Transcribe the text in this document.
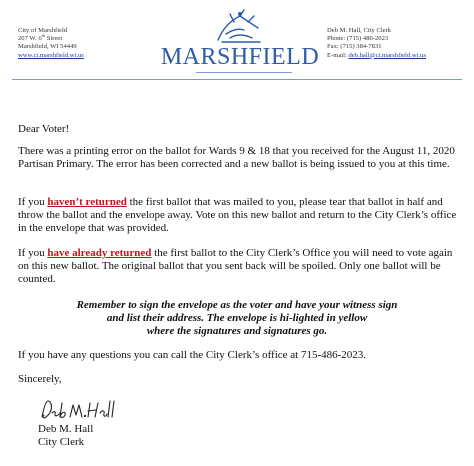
City of Marshfield
207 W. 6th Street
Marshfield, WI 54449
www.ci.marshfield.wi.us	MARSHFIELD
Deb M. Hall, City Clerk
Phone: (715) 486-2023
Fax: (715) 384-7831
E-mail: deb.hall@ci.marshfield.wi.us
Dear Voter!
There was a printing error on the ballot for Wards 9 & 18 that you received for the August 11, 2020 Partisan Primary. The error has been corrected and a new ballot is being issued to you at this time.
If you haven’t returned the first ballot that was mailed to you, please tear that ballot in half and throw the ballot and the envelope away. Vote on this new ballot and return to the City Clerk’s office in the envelope that was provided.
If you have already returned the first ballot to the City Clerk’s Office you will need to vote again on this new ballot. The original ballot that you sent back will be spoiled. Only one ballot will be counted.
Remember to sign the envelope as the voter and have your witness sign
and list their address. The envelope is hi-lighted in yellow
where the signatures and signatures go.
If you have any questions you can call the City Clerk’s office at 715-486-2023.
Sincerely,
Deb M. Hall
City Clerk
